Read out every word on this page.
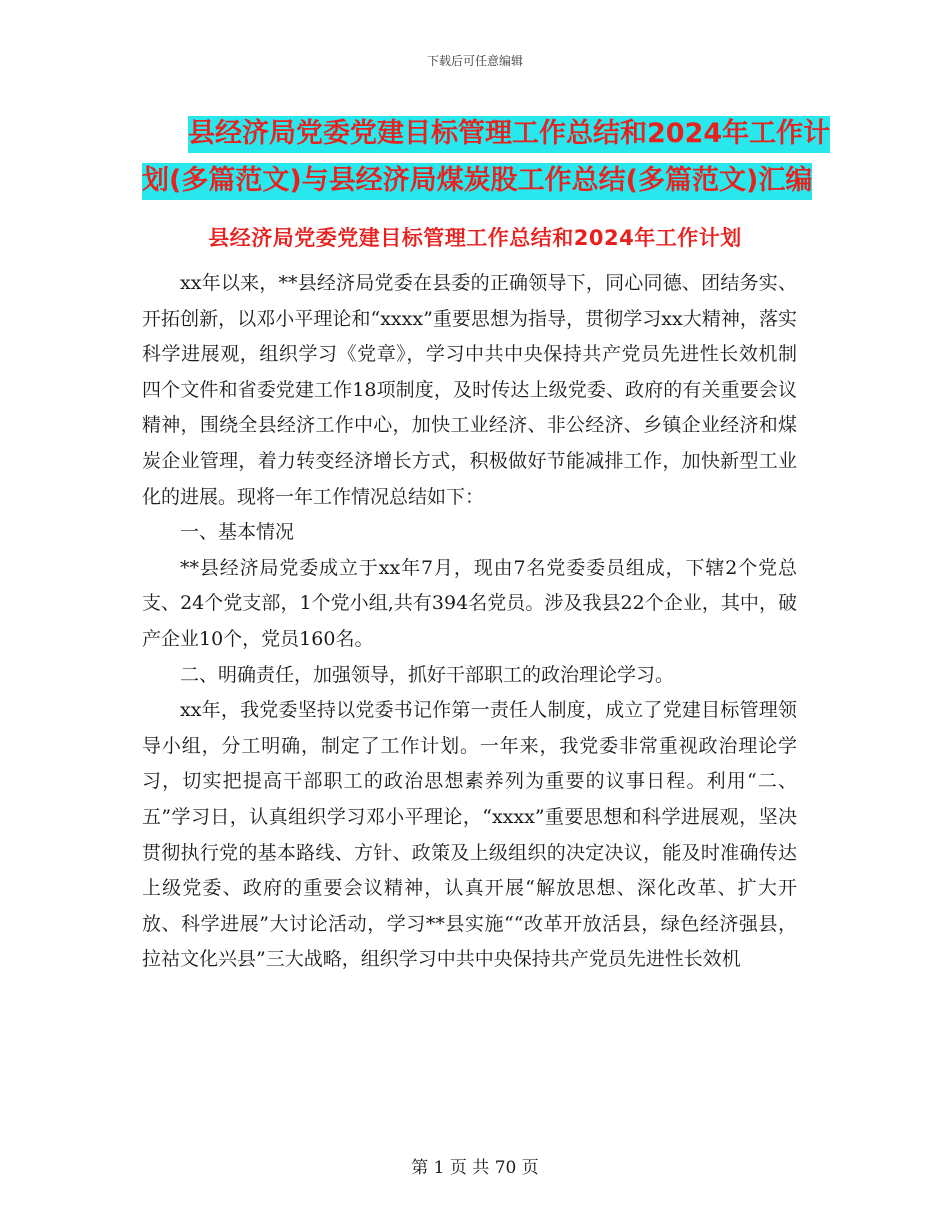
下载后可任意编辑
县经济局党委党建目标管理工作总结和2024年工作计
划(多篇范文)与县经济局煤炭股工作总结(多篇范文)汇编
县经济局党委党建目标管理工作总结和2024年工作计划

xx年以来，**县经济局党委在县委的正确领导下，同心同德、团结务实、开拓创新，以邓小平理论和“xxxx”重要思想为指导，贯彻学习xx大精神，落实科学进展观，组织学习《党章》，学习中共中央保持共产党员先进性长效机制四个文件和省委党建工作18项制度，及时传达上级党委、政府的有关重要会议精神，围绕全县经济工作中心，加快工业经济、非公经济、乡镇企业经济和煤炭企业管理，着力转变经济增长方式，积极做好节能减排工作，加快新型工业化的进展。现将一年工作情况总结如下：

一、基本情况

**县经济局党委成立于xx年7月，现由7名党委委员组成，下辖2个党总支、24个党支部，1个党小组,共有394名党员。涉及我县22个企业，其中，破产企业10个，党员160名。

二、明确责任，加强领导，抓好干部职工的政治理论学习。

xx年，我党委坚持以党委书记作第一责任人制度，成立了党建目标管理领导小组，分工明确，制定了工作计划。一年来，我党委非常重视政治理论学习，切实把提高干部职工的政治思想素养列为重要的议事日程。利用“二、五”学习日，认真组织学习邓小平理论，“xxxx”重要思想和科学进展观，坚决贯彻执行党的基本路线、方针、政策及上级组织的决定决议，能及时准确传达上级党委、政府的重要会议精神，认真开展“解放思想、深化改革、扩大开放、科学进展”大讨论活动，学习**县实施““改革开放活县，绿色经济强县，拉祜文化兴县”三大战略，组织学习中共中央保持共产党员先进性长效机

第 1 页 共 70 页
